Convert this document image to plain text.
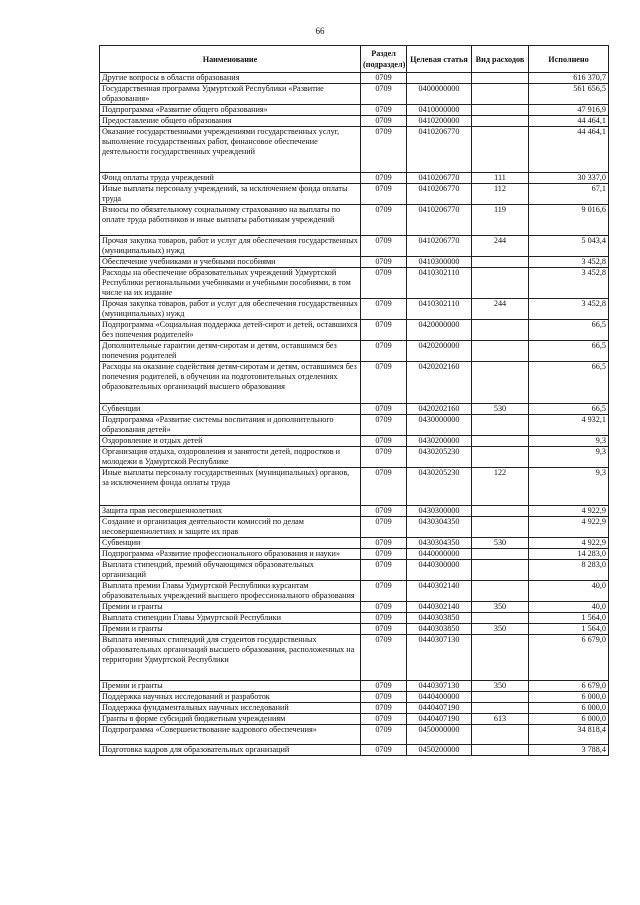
66
Наименование	Раздел (подраздел)	Целевая статья	Вид расходов	Исполнено
Другие вопросы в области образования	0709			616 370,7
Государственная программа Удмуртской Республики «Развитие образования»	0709	0400000000		561 656,5
Подпрограмма «Развитие общего образования»	0709	0410000000		47 916,9
Предоставление общего образования	0709	0410200000		44 464,1
Оказание государственными учреждениями государственных услуг, выполнение государственных работ, финансовое обеспечение деятельности государственных учреждений	0709	0410206770		44 464,1
Фонд оплаты труда учреждений	0709	0410206770	111	30 337,0
Иные выплаты персоналу учреждений, за исключением фонда оплаты труда	0709	0410206770	112	67,1
Взносы по обязательному социальному страхованию на выплаты по оплате труда работников и иные выплаты работникам учреждений	0709	0410206770	119	9 016,6
Прочая закупка товаров, работ и услуг для обеспечения государственных (муниципальных) нужд	0709	0410206770	244	5 043,4
Обеспечение учебниками и учебными пособиями	0709	0410300000		3 452,8
Расходы на обеспечение образовательных учреждений Удмуртской Республики региональными учебниками и учебными пособиями, в том числе на их издание	0709	0410302110		3 452,8
Прочая закупка товаров, работ и услуг для обеспечения государственных (муниципальных) нужд	0709	0410302110	244	3 452,8
Подпрограмма «Социальная поддержка детей-сирот и детей, оставшихся без попечения родителей»	0709	0420000000		66,5
Дополнительные гарантии детям-сиротам и детям, оставшимся без попечения родителей	0709	0420200000		66,5
Расходы на оказание содействия детям-сиротам и детям, оставшимся без попечения родителей, в обучении на подготовительных отделениях образовательных организаций высшего образования	0709	0420202160		66,5
Субвенции	0709	0420202160	530	66,5
Подпрограмма «Развитие системы воспитания и дополнительного образования детей»	0709	0430000000		4 932,1
Оздоровление и отдых детей	0709	0430200000		9,3
Организация отдыха, оздоровления и занятости детей, подростков и молодежи в Удмуртской Республике	0709	0430205230		9,3
Иные выплаты персоналу государственных (муниципальных) органов, за исключением фонда оплаты труда	0709	0430205230	122	9,3
Защита прав несовершеннолетних	0709	0430300000		4 922,9
Создание и организация деятельности комиссий по делам несовершеннолетних и защите их прав	0709	0430304350		4 922,9
Субвенции	0709	0430304350	530	4 922,9
Подпрограмма «Развитие профессионального образования и науки»	0709	0440000000		14 283,0
Выплата стипендий, премий обучающимся образовательных организаций	0709	0440300000		8 283,0
Выплата премии Главы Удмуртской Республики курсантам образовательных учреждений высшего профессионального образования	0709	0440302140		40,0
Премии и гранты	0709	0440302140	350	40,0
Выплата стипендии Главы Удмуртской Республики	0709	0440303850		1 564,0
Премии и гранты	0709	0440303850	350	1 564,0
Выплата именных стипендий для студентов государственных образовательных организаций высшего образования, расположенных на территории Удмуртской Республики	0709	0440307130		6 679,0
Премии и гранты	0709	0440307130	350	6 679,0
Поддержка научных исследований и разработок	0709	0440400000		6 000,0
Поддержка фундаментальных научных исследований	0709	0440407190		6 000,0
Гранты в форме субсидий бюджетным учреждениям	0709	0440407190	613	6 000,0
Подпрограмма «Совершенствование кадрового обеспечения»	0709	0450000000		34 818,4
Подготовка кадров для образовательных организаций	0709	0450200000		3 788,4
